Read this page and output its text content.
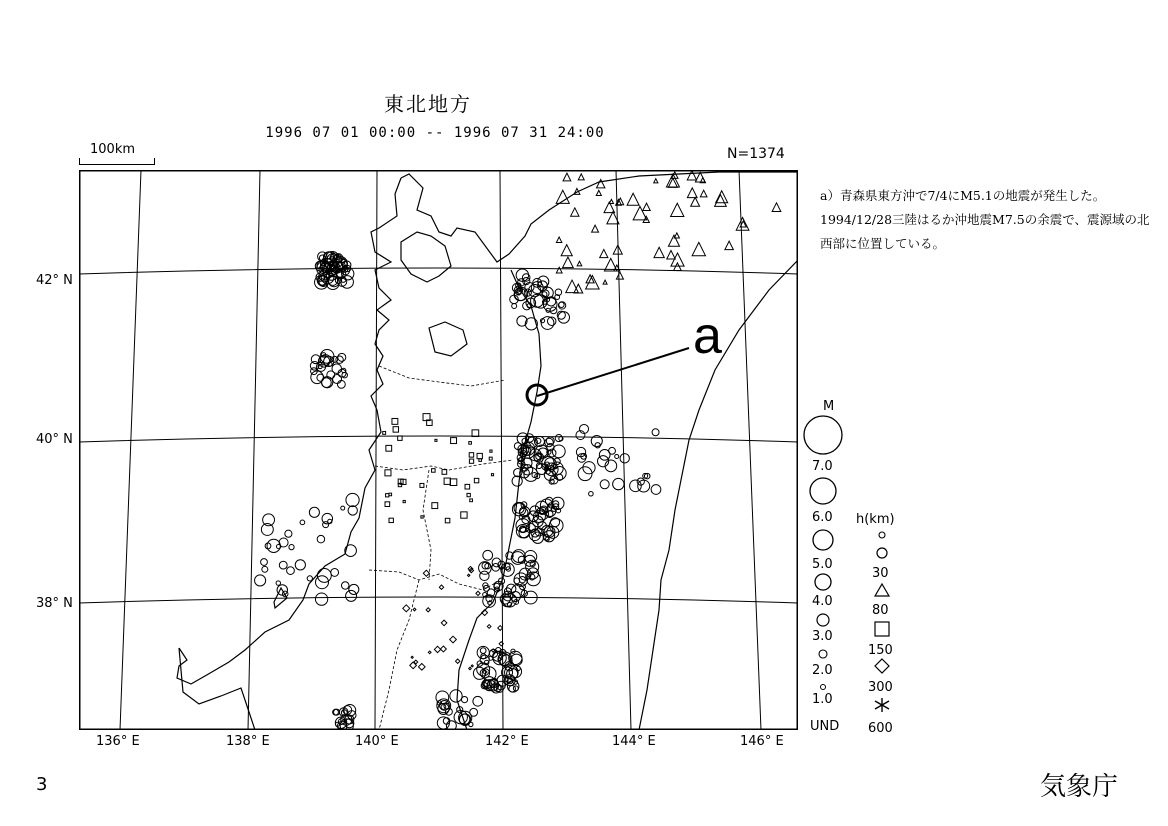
東北地方
1996 07 01 00:00 -- 1996 07 31 24:00
100km	N=1374
42° N
40° N
38° N
136° E	138° E	140° E	142° E	144° E	146° E
a
a）青森県東方沖で7/4にM5.1の地震が発生した。1994/12/28三陸はるか沖地震M7.5の余震で、震源域の北西部に位置している。
M
7.0
6.0
5.0
4.0
3.0
2.0
1.0
UND
h(km)
30
80
150
300
600
3	気象庁
